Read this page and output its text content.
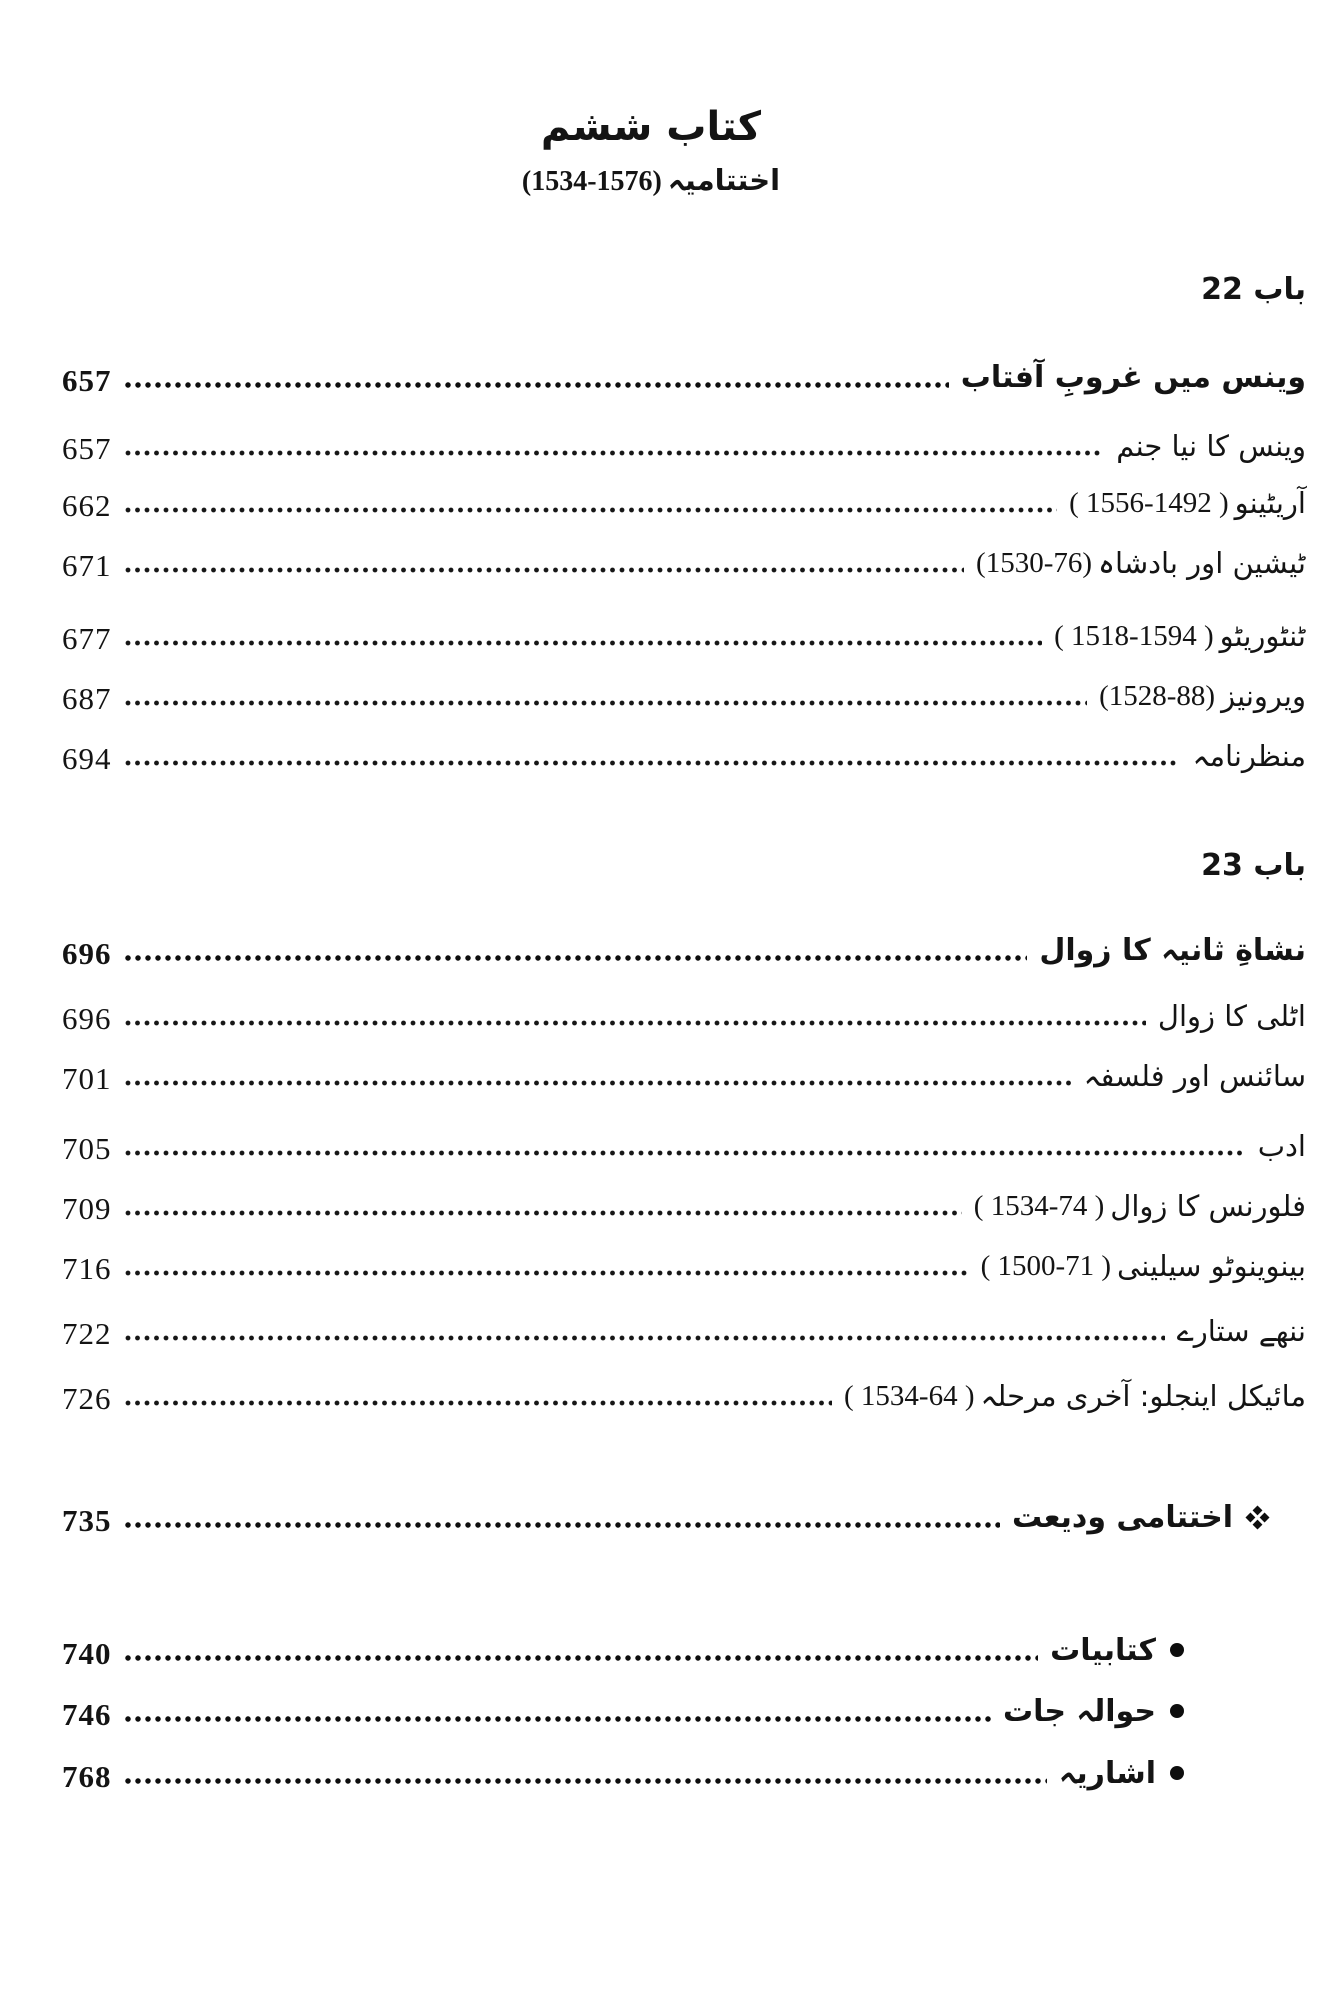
کتاب ششم
اختتامیہ(1534-1576)
باب 22
657	وینس میں غروبِ آفتاب
657	وینس کا نیا جنم
662	( 1556-1492 ) آریٹینو
671	(1530-76) ٹیشین اور بادشاہ
677	( 1518-1594 ) ٹنٹوریٹو
687	(1528-88) ویرونیز
694	منظرنامہ
باب 23
696	نشاةِ ثانیہ کا زوال
696	اٹلی کا زوال
701	سائنس اور فلسفہ
705	ادب
709	( 1534-74 ) فلورنس کا زوال
716	( 1500-71 ) بینوینوٹو سیلینی
722	ننھے ستارے
726	( 1534-64 ) مائیکل اینجلو: آخری مرحلہ
735	اختتامی ودیعت
740	کتابیات
746	حوالہ جات
768	اشاریہ
